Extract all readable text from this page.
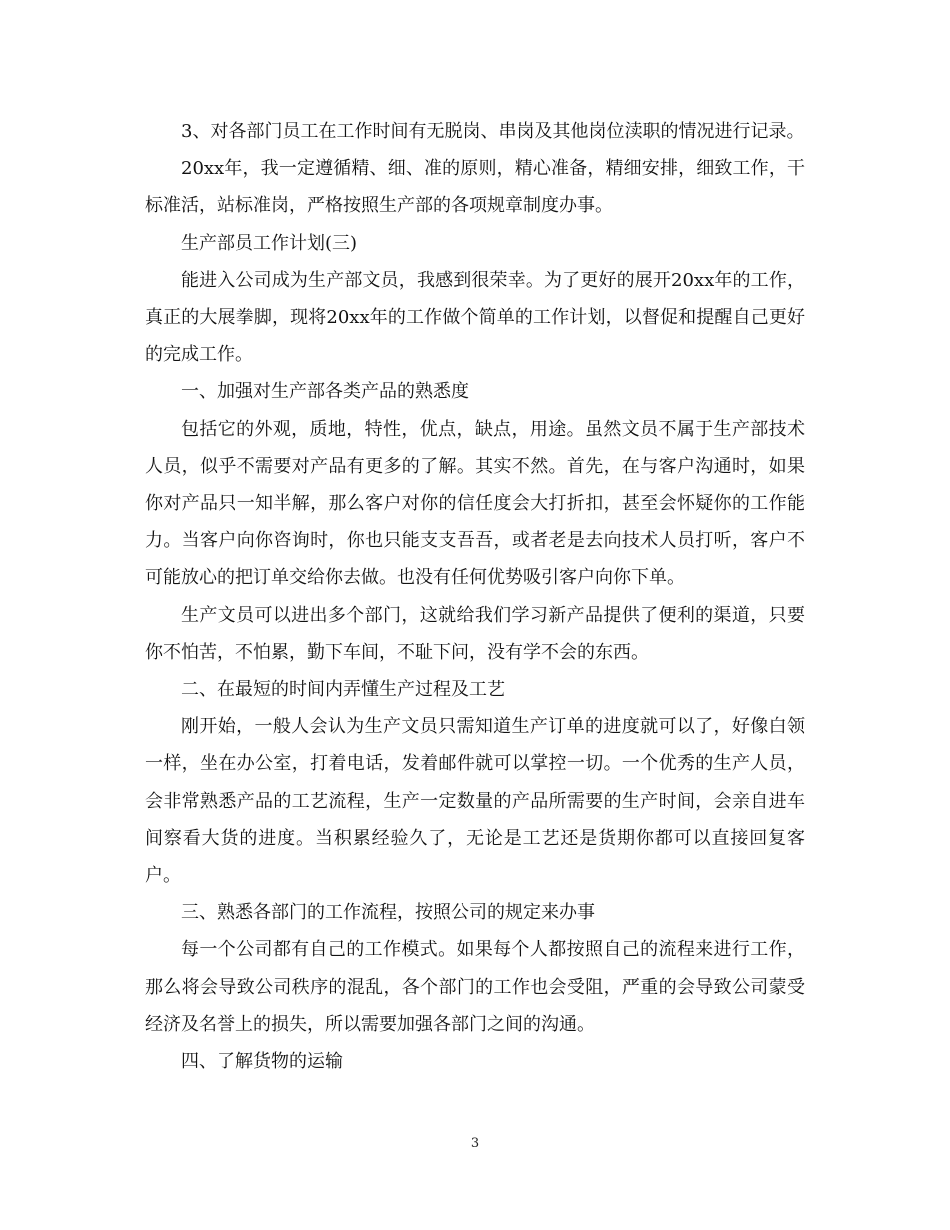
3、对各部门员工在工作时间有无脱岗、串岗及其他岗位渎职的情况进行记录。

20xx年，我一定遵循精、细、准的原则，精心准备，精细安排，细致工作，干标准活，站标准岗，严格按照生产部的各项规章制度办事。

生产部员工作计划(三)

能进入公司成为生产部文员，我感到很荣幸。为了更好的展开20xx年的工作，真正的大展拳脚，现将20xx年的工作做个简单的工作计划，以督促和提醒自己更好的完成工作。

一、加强对生产部各类产品的熟悉度

包括它的外观，质地，特性，优点，缺点，用途。虽然文员不属于生产部技术人员，似乎不需要对产品有更多的了解。其实不然。首先，在与客户沟通时，如果你对产品只一知半解，那么客户对你的信任度会大打折扣，甚至会怀疑你的工作能力。当客户向你咨询时，你也只能支支吾吾，或者老是去向技术人员打听，客户不可能放心的把订单交给你去做。也没有任何优势吸引客户向你下单。

生产文员可以进出多个部门，这就给我们学习新产品提供了便利的渠道，只要你不怕苦，不怕累，勤下车间，不耻下问，没有学不会的东西。

二、在最短的时间内弄懂生产过程及工艺

刚开始，一般人会认为生产文员只需知道生产订单的进度就可以了，好像白领一样，坐在办公室，打着电话，发着邮件就可以掌控一切。一个优秀的生产人员，会非常熟悉产品的工艺流程，生产一定数量的产品所需要的生产时间，会亲自进车间察看大货的进度。当积累经验久了，无论是工艺还是货期你都可以直接回复客户。

三、熟悉各部门的工作流程，按照公司的规定来办事

每一个公司都有自己的工作模式。如果每个人都按照自己的流程来进行工作，那么将会导致公司秩序的混乱，各个部门的工作也会受阻，严重的会导致公司蒙受经济及名誉上的损失，所以需要加强各部门之间的沟通。

四、了解货物的运输

3
